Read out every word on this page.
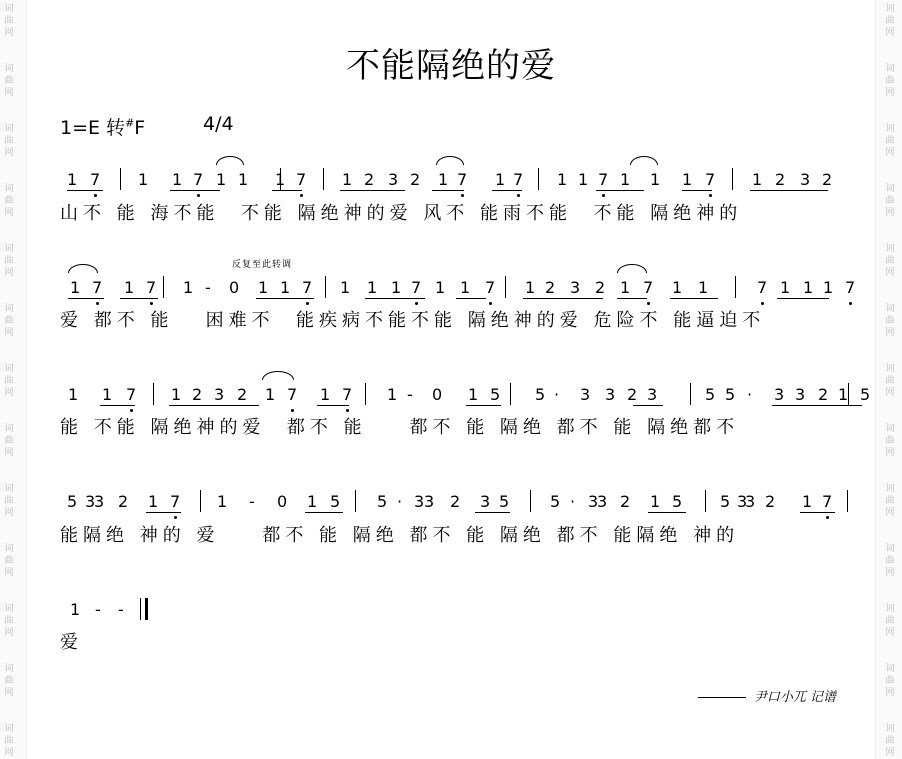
不能隔绝的爱
1=E 转#F	4/4
反复至此转调
山不 能 海不能  不能 隔绝神的爱 风不 能雨不能  不能 隔绝神的
爱 都不 能   困难不  能疾病不能不能 隔绝神的爱 危险不 能逼迫不
能 不能 隔绝神的爱  都不 能    都不 能 隔绝 都不 能 隔绝都不
能隔绝 神的 爱    都不 能 隔绝 都不 能 隔绝 都不 能隔绝 神的
爱
尹口小兀 记谱
1 7 1 1 7 1 1 1 7 1 2 3 2 1 7 1 7 1 1 7 1 1 1 7 1 2 3 2
1 7 1 7 1 - 0 1 1 7 1 1 1 7 1 1 7 1 2 3 2 1 7 1 1	7 1 1 1 7
1 1 7 1 2 3 2 1 7 1 7 1 - 0 1 5 5 · 3 3 2 3	5 5 · 3 3 2 1 5
5 3
3 2 1 7 1 - 0 1 5 5 · 3 3 2 3 5	5 · 3
3 2 1 5 5 3
3 2 1 7
1 - -
词
曲
网
词
曲
网
词
曲
网
词
曲
网
词
曲
网
词
曲
网
词
曲
网
词
曲
网
词
曲
网
词
曲
网
词
曲
网
词
曲
网
词
曲
网
词
曲
网
词
曲
网
词
曲
网
词
曲
网
词
曲
网
词
曲
网
词
曲
网
词
曲
网
词
曲
网
词
曲
网
词
曲
网
词
曲
网
词
曲
网
